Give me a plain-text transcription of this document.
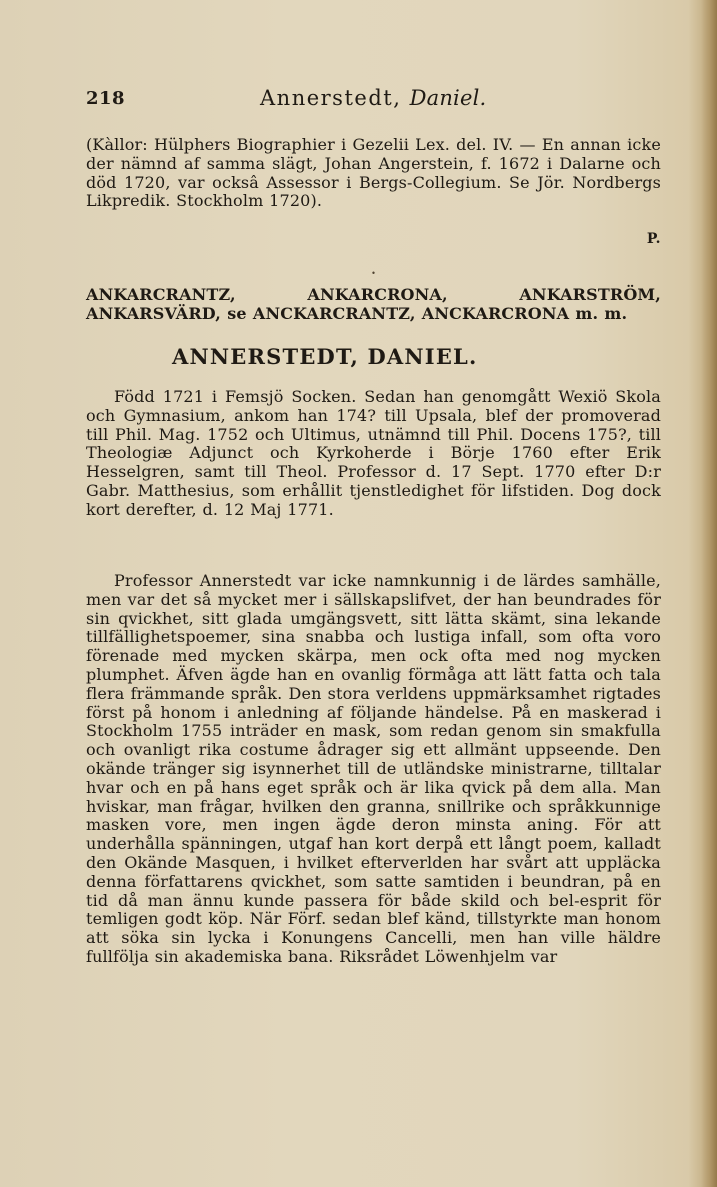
218	Annerstedt, Daniel.

(Kàllor: Hülphers Biographier i Gezelii Lex. del. IV. — En annan icke der nämnd af samma slägt, Johan Angerstein, f. 1672 i Dalarne och död 1720, var ocksâ Assessor i Bergs-Collegium. Se Jör. Nordbergs Likpredik. Stockholm 1720).

P.
•

ANKARCRANTZ, ANKARCRONA, ANKARSTRÖM, ANKARSVÄRD, se ANCKARCRANTZ, ANCKARCRONA m. m.

ANNERSTEDT, DANIEL.

Född 1721 i Femsjö Socken. Sedan han genomgått Wexiö Skola och Gymnasium, ankom han 174? till Upsala, blef der promoverad till Phil. Mag. 1752 och Ultimus, utnämnd till Phil. Docens 175?, till Theologiæ Adjunct och Kyrkoherde i Börje 1760 efter Erik Hesselgren, samt till Theol. Professor d. 17 Sept. 1770 efter D:r Gabr. Matthesius, som erhållit tjenstledighet för lifstiden. Dog dock kort derefter, d. 12 Maj 1771.

Professor Annerstedt var icke namnkunnig i de lärdes samhälle, men var det så mycket mer i sällskapslifvet, der han beundrades för sin qvickhet, sitt glada umgängsvett, sitt lätta skämt, sina lekande tillfällighetspoemer, sina snabba och lustiga infall, som ofta voro förenade med mycken skärpa, men ock ofta med nog mycken plumphet. Äfven ägde han en ovanlig förmåga att lätt fatta och tala flera främmande språk. Den stora verldens uppmärksamhet rigtades först på honom i anledning af följande händelse. På en maskerad i Stockholm 1755 inträder en mask, som redan genom sin smakfulla och ovanligt rika costume ådrager sig ett allmänt uppseende. Den okände tränger sig isynnerhet till de utländske ministrarne, tilltalar hvar och en på hans eget språk och är lika qvick på dem alla. Man hviskar, man frågar, hvilken den granna, snillrike och språkkunnige masken vore, men ingen ägde deron minsta aning. För att underhålla spänningen, utgaf han kort derpå ett långt poem, kalladt den Okände Masquen, i hvilket efterverlden har svårt att uppläcka denna författarens qvickhet, som satte samtiden i beundran, på en tid då man ännu kunde passera för både skild och bel-esprit för temligen godt köp. När Förf. sedan blef känd, tillstyrkte man honom att söka sin lycka i Konungens Cancelli, men han ville häldre fullfölja sin akademiska bana. Riksrådet Löwenhjelm var
